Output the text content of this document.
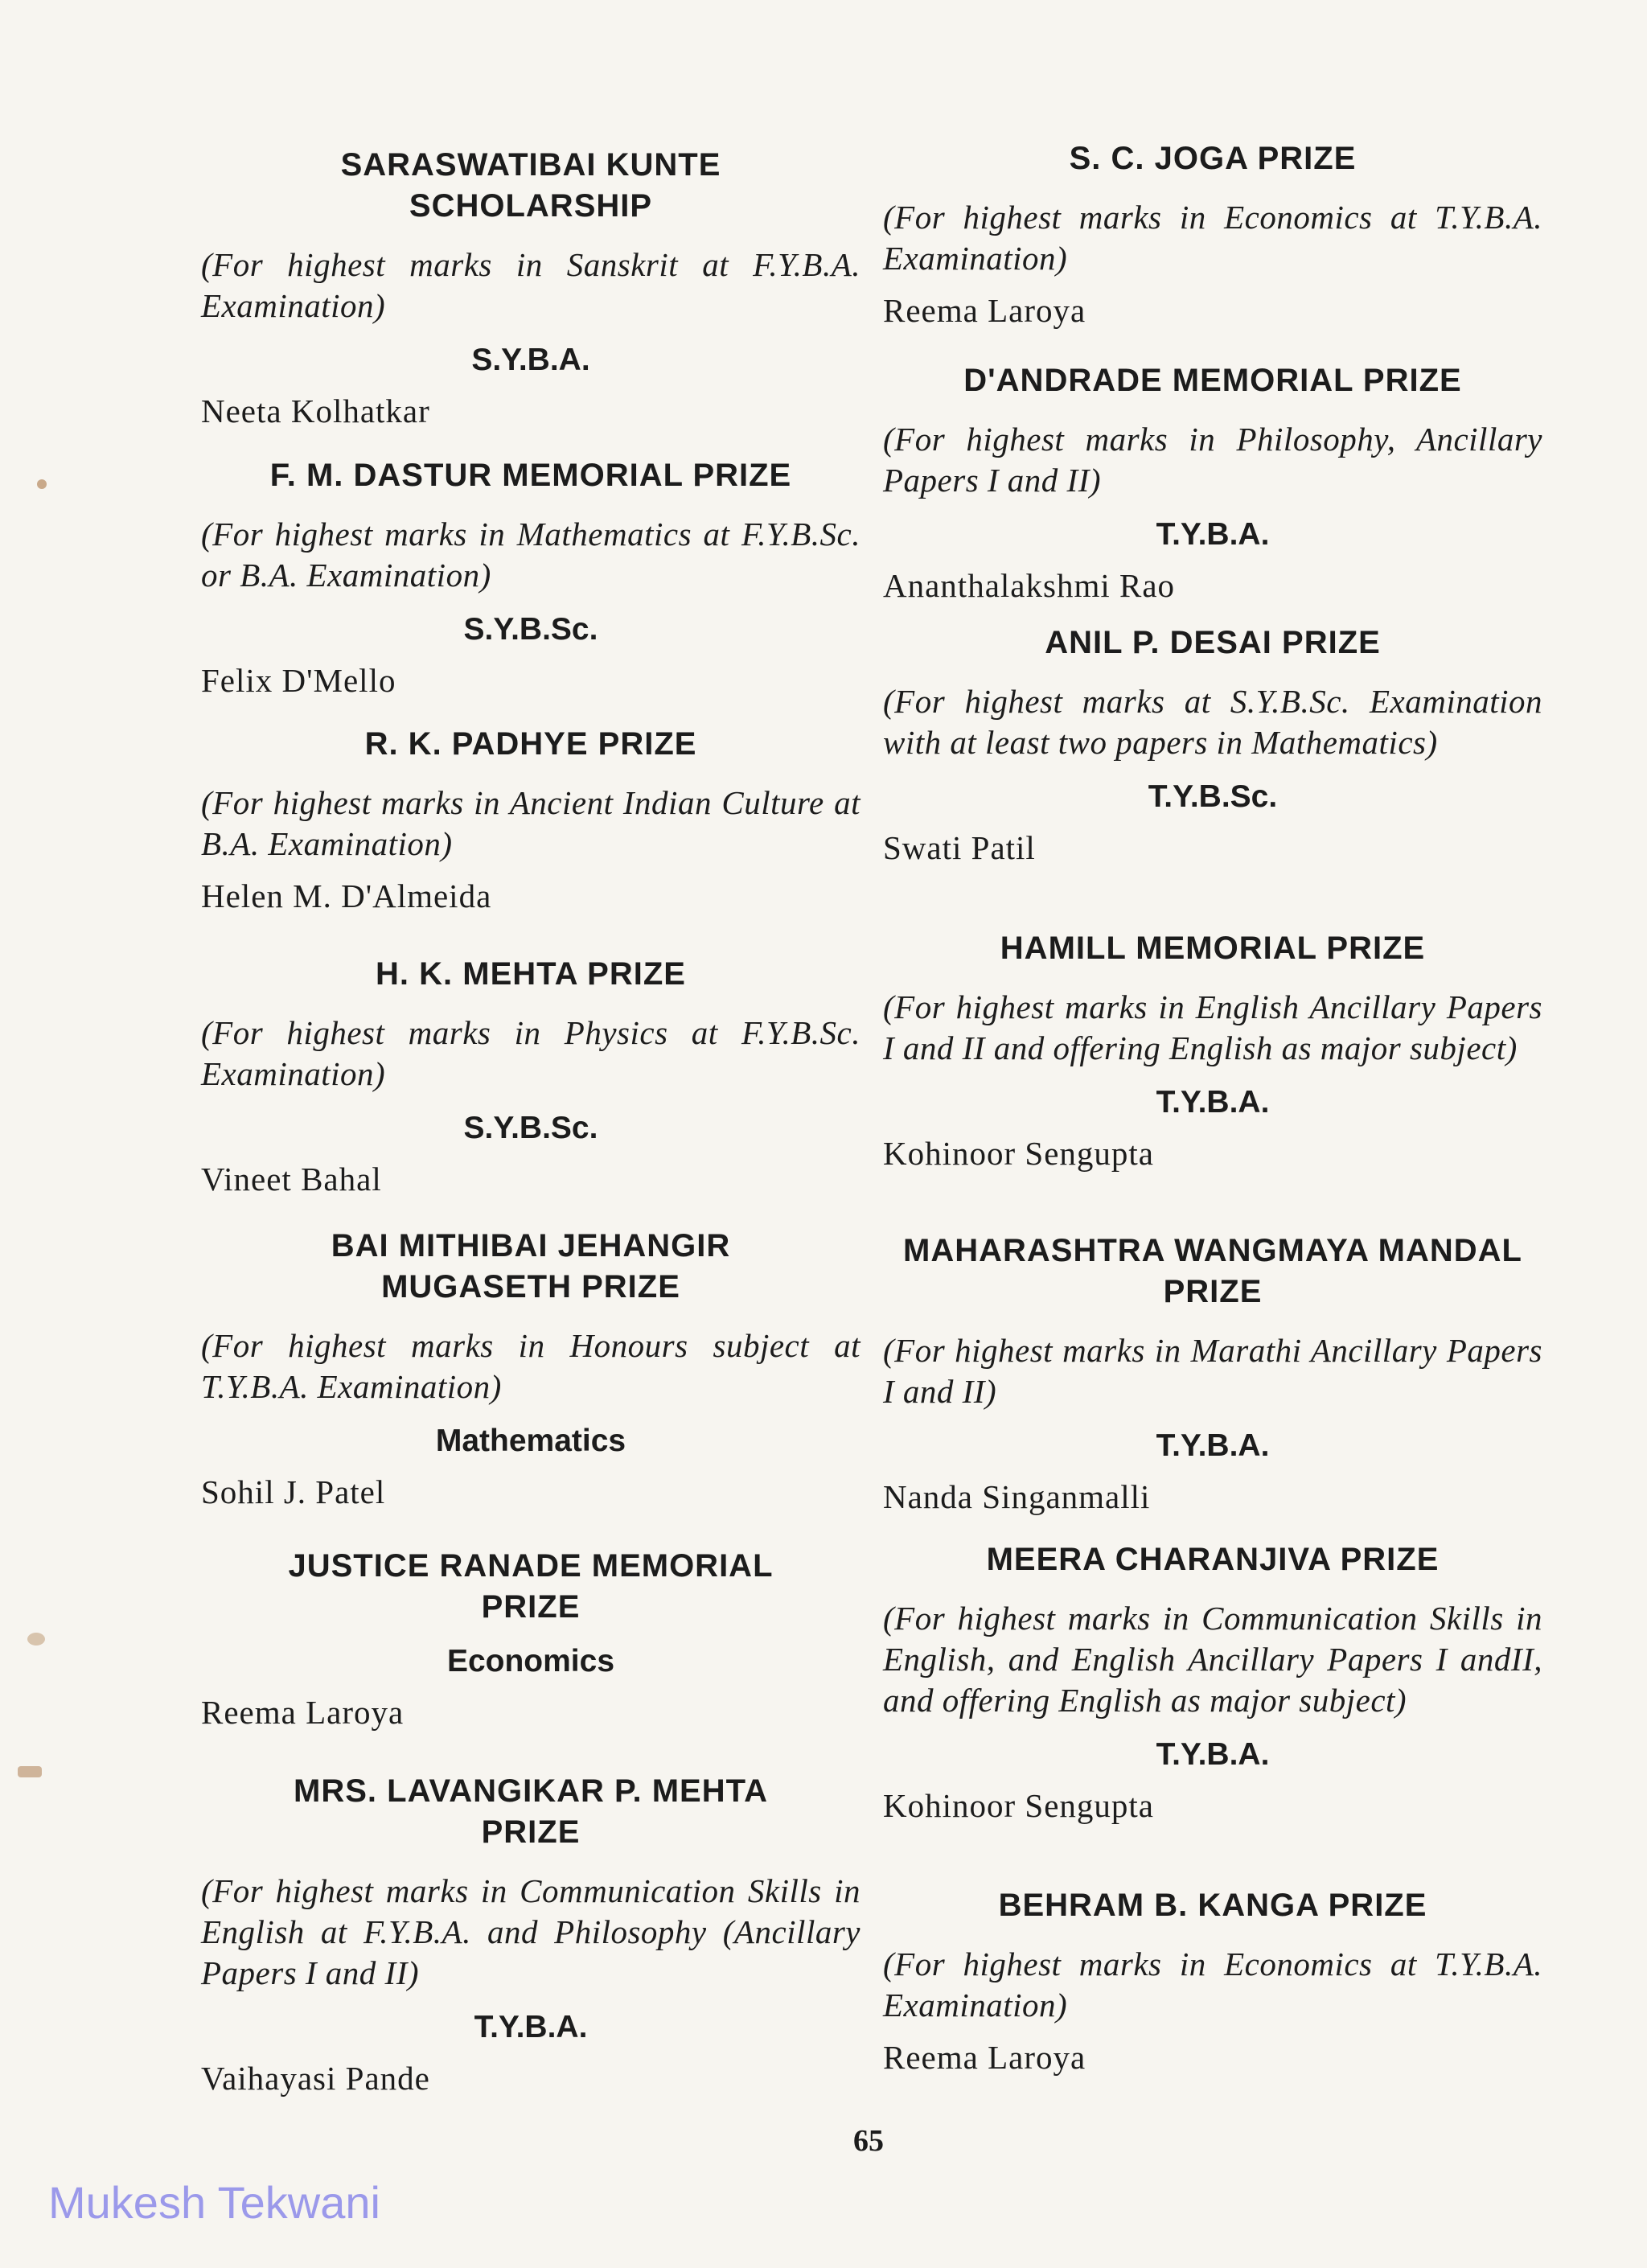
SARASWATIBAI KUNTE SCHOLARSHIP
(For highest marks in Sanskrit at F.Y.B.A. Examination)
S.Y.B.A.
Neeta Kolhatkar
F. M. DASTUR MEMORIAL PRIZE
(For highest marks in Mathematics at F.Y.B.Sc. or B.A. Examination)
S.Y.B.Sc.
Felix D'Mello
R. K. PADHYE PRIZE
(For highest marks in Ancient Indian Culture at B.A. Examination)
Helen M. D'Almeida
H. K. MEHTA PRIZE
(For highest marks in Physics at F.Y.B.Sc. Examination)
S.Y.B.Sc.
Vineet Bahal
BAI MITHIBAI JEHANGIR MUGASETH PRIZE
(For highest marks in Honours subject at T.Y.B.A. Examination)
Mathematics
Sohil J. Patel
JUSTICE RANADE MEMORIAL PRIZE
Economics
Reema Laroya
MRS. LAVANGIKAR P. MEHTA PRIZE
(For highest marks in Communication Skills in English at F.Y.B.A. and Philosophy (Ancillary Papers I and II)
T.Y.B.A.
Vaihayasi Pande
S. C. JOGA PRIZE
(For highest marks in Economics at T.Y.B.A. Examination)
Reema Laroya
D'ANDRADE MEMORIAL PRIZE
(For highest marks in Philosophy, Ancillary Papers I and II)
T.Y.B.A.
Ananthalakshmi Rao
ANIL P. DESAI PRIZE
(For highest marks at S.Y.B.Sc. Examination with at least two papers in Mathematics)
T.Y.B.Sc.
Swati Patil
HAMILL MEMORIAL PRIZE
(For highest marks in English Ancillary Papers I and II and offering English as major subject)
T.Y.B.A.
Kohinoor Sengupta
MAHARASHTRA WANGMAYA MANDAL PRIZE
(For highest marks in Marathi Ancillary Papers I and II)
T.Y.B.A.
Nanda Singanmalli
MEERA CHARANJIVA PRIZE
(For highest marks in Communication Skills in English, and English Ancillary Papers I andII, and offering English as major subject)
T.Y.B.A.
Kohinoor Sengupta
BEHRAM B. KANGA PRIZE
(For highest marks in Economics at T.Y.B.A. Examination)
Reema Laroya
65
Mukesh Tekwani
